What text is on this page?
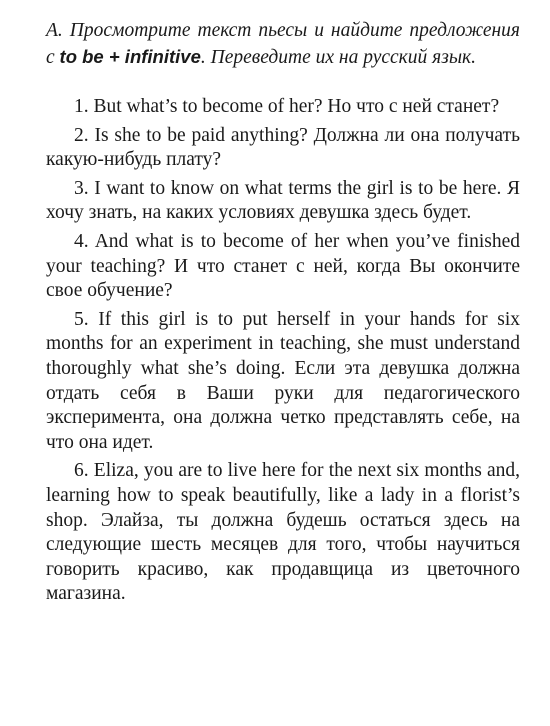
A. Просмотрите текст пьесы и найдите предложения с to be + infinitive. Переведите их на русский язык.

1. But what’s to become of her? Но что с ней станет?

2. Is she to be paid anything? Должна ли она получать какую-нибудь плату?

3. I want to know on what terms the girl is to be here. Я хочу знать, на каких условиях девушка здесь будет.

4. And what is to become of her when you’ve finished your teaching? И что станет с ней, когда Вы окончите свое обучение?

5. If this girl is to put herself in your hands for six months for an experiment in teaching, she must understand thoroughly what she’s doing. Если эта девушка должна отдать себя в Ваши руки для педагогического эксперимента, она должна четко представлять себе, на что она идет.

6. Eliza, you are to live here for the next six months and, learning how to speak beautifully, like a lady in a florist’s shop. Элайза, ты должна будешь остаться здесь на следующие шесть месяцев для того, чтобы научиться говорить красиво, как продавщица из цветочного магазина.
